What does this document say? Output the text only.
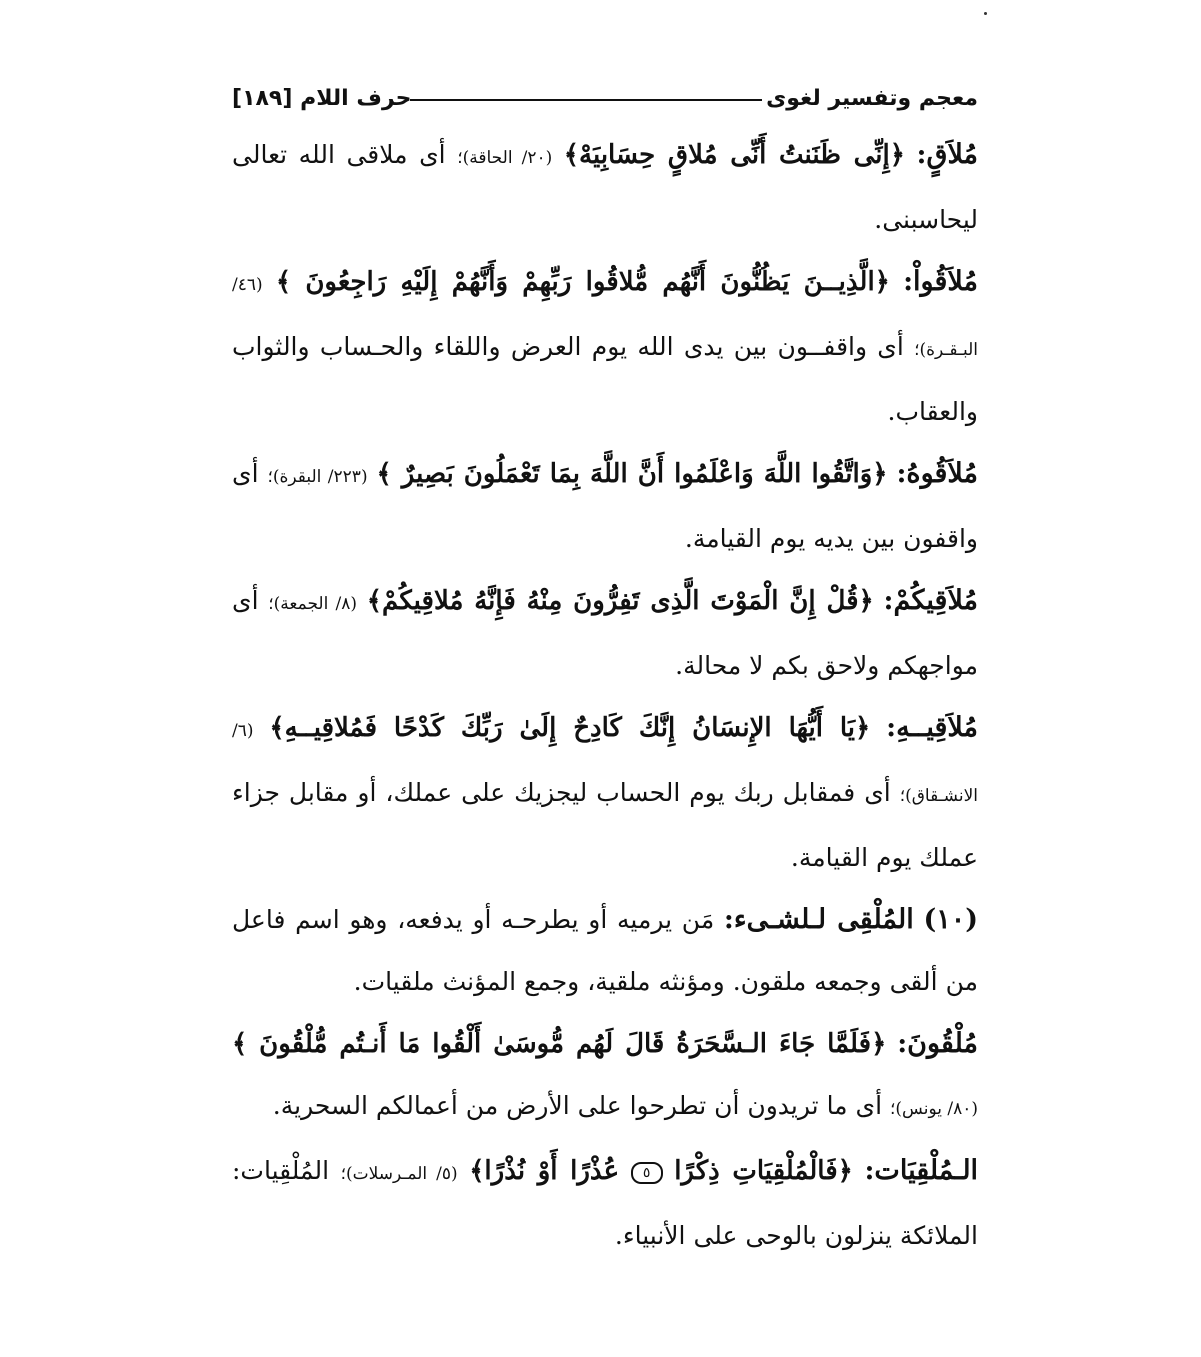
معجم وتفسير لغوى
حرف اللام [١٨٩]

مُلاَقٍ: ﴿إِنِّى ظَنَنتُ أَنِّى مُلاقٍ حِسَابِيَهْ﴾ (٢٠/ الحاقة)؛ أى ملاقى الله تعالى ليحاسبنى.

مُلاَقُواْ: ﴿الَّذِيــنَ يَظُنُّونَ أَنَّهُم مُّلاقُوا رَبِّهِمْ وَأَنَّهُمْ إِلَيْهِ رَاجِعُونَ ﴾ (٤٦/ البـقـرة)؛ أى واقفــون بين يدى الله يوم العرض واللقاء والحـساب والثواب والعقاب.

مُلاَقُوهُ: ﴿وَاتَّقُوا اللَّهَ وَاعْلَمُوا أَنَّ اللَّهَ بِمَا تَعْمَلُونَ بَصِيرٌ ﴾ (٢٢٣/ البقرة)؛ أى واقفون بين يديه يوم القيامة.

مُلاَقِيكُمْ: ﴿قُلْ إِنَّ الْمَوْتَ الَّذِى تَفِرُّونَ مِنْهُ فَإِنَّهُ مُلاقِيكُمْ﴾ (٨/ الجمعة)؛ أى مواجهكم ولاحق بكم لا محالة.

مُلاَقِيــهِ: ﴿يَا أَيُّهَا الإِنسَانُ إِنَّكَ كَادِحٌ إِلَىٰ رَبِّكَ كَدْحًا فَمُلاقِيــهِ﴾ (٦/ الانشـقاق)؛ أى فمقابل ربك يوم الحساب ليجزيك على عملك، أو مقابل جزاء عملك يوم القيامة.

(١٠) المُلْقِى لـلشـىء: مَن يرميه أو يطرحـه أو يدفعه، وهو اسم فاعل من ألقى وجمعه ملقون. ومؤنثه ملقية، وجمع المؤنث ملقيات.

مُلْقُونَ: ﴿فَلَمَّا جَاءَ الـسَّحَرَةُ قَالَ لَهُم مُّوسَىٰ أَلْقُوا مَا أَنـتُم مُّلْقُونَ ﴾ (٨٠/ يونس)؛ أى ما تريدون أن تطرحوا على الأرض من أعمالكم السحرية.

الـمُلْقِيَات: ﴿فَالْمُلْقِيَاتِ ذِكْرًا ٥ عُذْرًا أَوْ نُذْرًا﴾ (٥/ المـرسلات)؛ المُلْقِيات: الملائكة ينزلون بالوحى على الأنبياء.
